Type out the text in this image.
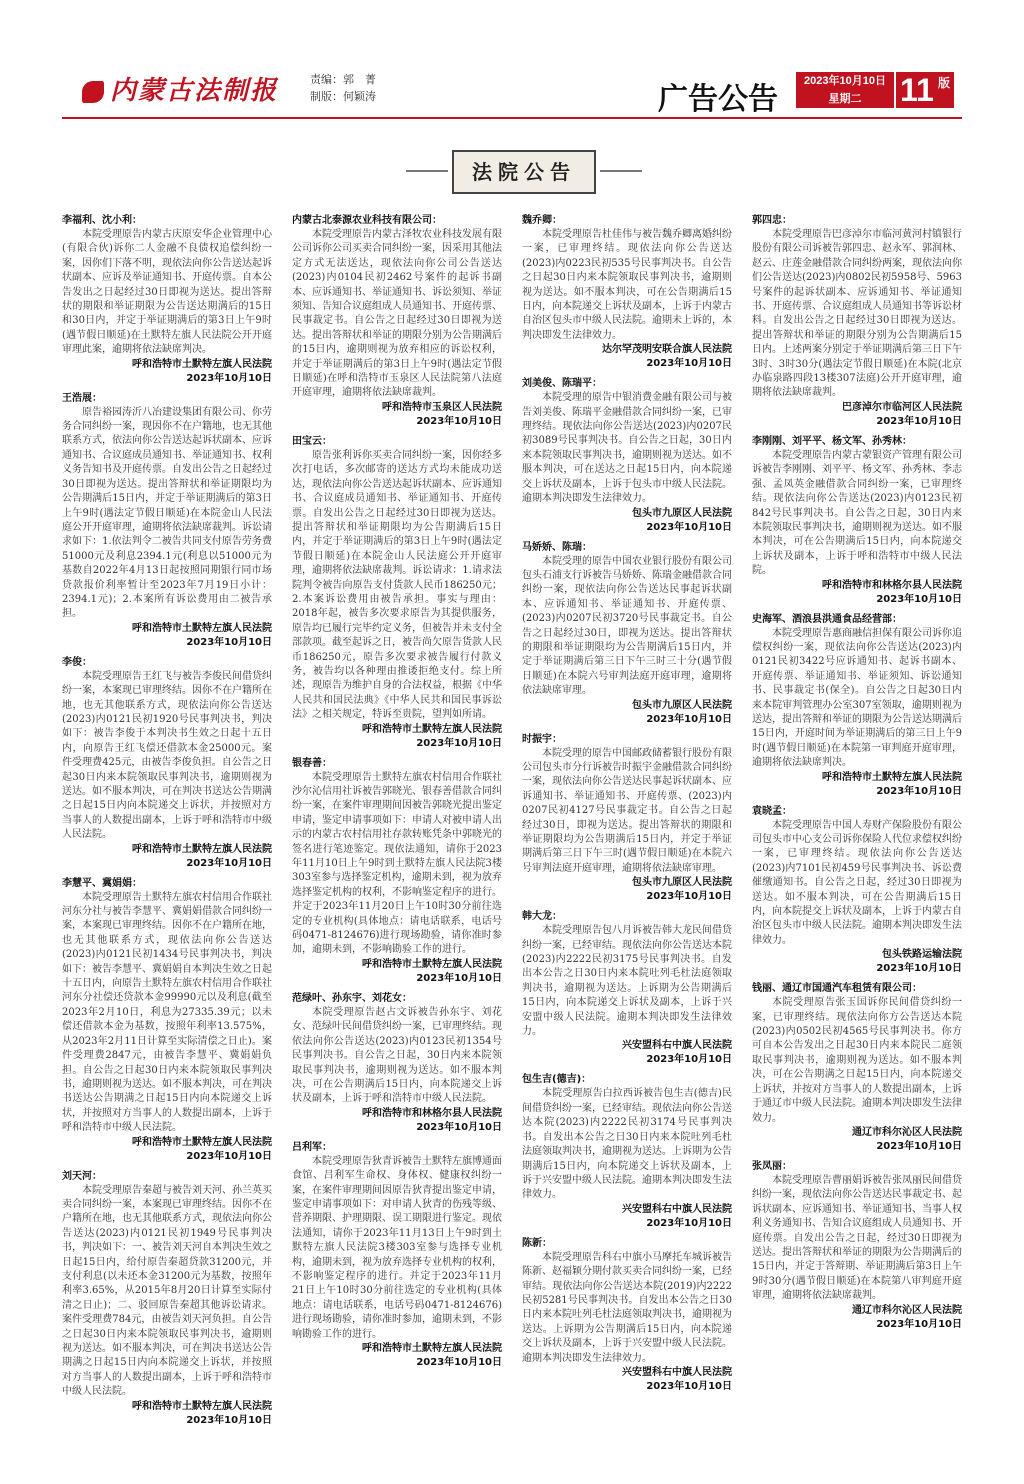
内蒙古法制报	责编：郭　菁
制版：何颖涛	广告公告
2023年10月10日
星期二	11 版
法院公告

李福利、沈小利：

本院受理原告内蒙古庆原安华企业管理中心(有限合伙)诉你二人金融不良债权追偿纠纷一案，因你们下落不明，现依法向你公告送达起诉状副本、应诉及举证通知书、开庭传票。自本公告发出之日起经过30日即视为送达。提出答辩状的期限和举证期限为公告送达期满后的15日和30日内，并定于举证期满后的第3日上午9时(遇节假日顺延)在土默特左旗人民法院公开开庭审理此案，逾期将依法缺席判决。

呼和浩特市土默特左旗人民法院

2023年10月10日

王浩展：

原告裕园涛沂八冶建设集团有限公司、你劳务合同纠纷一案，现因你不在户籍地，也无其他联系方式，依法向你公告送达起诉状副本、应诉通知书、合议庭成员通知书、举证通知书、权利义务告知书及开庭传票。自发出公告之日起经过30日即视为送达。提出答辩状和举证期限均为公告期满后15日内，并定于举证期满后的第3日上午9时(遇法定节假日顺延)在本院金山人民法庭公开开庭审理，逾期将依法缺席裁判。诉讼请求如下：1.依法判令二被告共同支付原告劳务费51000元及利息2394.1元(利息以51000元为基数自2022年4月13日起按照同期银行同市场贷款报价利率暂计至2023年7月19日小计：2394.1元)；2.本案所有诉讼费用由二被告承担。

呼和浩特市土默特左旗人民法院

2023年10月10日

李俊：

本院受理原告王红飞与被告李俊民间借贷纠纷一案，本案现已审理终结。因你不在户籍所在地，也无其他联系方式，现依法向你公告送达(2023)内0121民初1920号民事判决书，判决如下：被告李俊于本判决书生效之日起十五日内，向原告王红飞偿还借款本金25000元。案件受理费425元，由被告李俊负担。自公告之日起30日内来本院领取民事判决书，逾期则视为送达。如不服本判决，可在判决书送达公告期满之日起15日内向本院递交上诉状，并按照对方当事人的人数提出副本，上诉于呼和浩特市中级人民法院。

呼和浩特市土默特左旗人民法院

2023年10月10日

李慧平、冀娟娟：

本院受理原告土默特左旗农村信用合作联社河东分社与被告李慧平、冀娟娟借款合同纠纷一案，本案现已审理终结。因你不在户籍所在地，也无其他联系方式，现依法向你公告送达(2023)内0121民初1434号民事判决书，判决如下：被告李慧平、冀娟娟自本判决生效之日起十五日内，向原告土默特左旗农村信用合作联社河东分社偿还贷款本金99990元以及利息(截至2023年2月10日，利息为27335.39元；以未偿还借款本金为基数，按照年利率13.575%，从2023年2月11日计算至实际清偿之日止)。案件受理费2847元，由被告李慧平、冀娟娟负担。自公告之日起30日内来本院领取民事判决书，逾期则视为送达。如不服本判决，可在判决书送达公告期满之日起15日内向本院递交上诉状，并按照对方当事人的人数提出副本，上诉于呼和浩特市中级人民法院。

呼和浩特市土默特左旗人民法院

2023年10月10日

刘天河：

本院受理原告秦超与被告刘天河、孙兰英买卖合同纠纷一案，本案现已审理终结。因你不在户籍所在地，也无其他联系方式，现依法向你公告送达(2023)内0121民初1949号民事判决书，判决如下：一、被告刘天河自本判决生效之日起15日内，给付原告秦超贷款31200元，并支付利息(以未还本金31200元为基数，按照年利率3.65%，从2015年8月20日计算至实际付清之日止)；二、驳回原告秦超其他诉讼请求。案件受理费784元，由被告刘天河负担。自公告之日起30日内来本院领取民事判决书，逾期则视为送达。如不服本判决，可在判决书送达公告期满之日起15日内向本院递交上诉状，并按照对方当事人的人数提出副本，上诉于呼和浩特市中级人民法院。

呼和浩特市土默特左旗人民法院

2023年10月10日

内蒙古北泰源农业科技有限公司：

本院受理原告内蒙古泽牧农业科技发展有限公司诉你公司买卖合同纠纷一案，因采用其他法定方式无法送达，现依法向你公司公告送达(2023)内0104民初2462号案件的起诉书副本、应诉通知书、举证通知书、诉讼须知、举证须知、告知合议庭组成人员通知书、开庭传票、民事裁定书。自公告之日起经过30日即视为送达。提出答辩状和举证的期限分别为公告期满后的15日内，逾期则视为放弃相应的诉讼权利，并定于举证期满后的第3日上午9时(遇法定节假日顺延)在呼和浩特市玉泉区人民法院第八法庭开庭审理，逾期将依法缺席裁判。

呼和浩特市玉泉区人民法院

2023年10月10日

田宝云：

原告张利诉你买卖合同纠纷一案，因你经多次打电话，多次邮寄的送达方式均未能成功送达，现依法向你公告送达起诉状副本、应诉通知书、合议庭成员通知书、举证通知书、开庭传票。自发出公告之日起经过30日即视为送达。提出答辩状和举证期限均为公告期满后15日内，并定于举证期满后的第3日上午9时(遇法定节假日顺延)在本院金山人民法庭公开开庭审理，逾期将依法缺席裁判。诉讼请求：1.请求法院判令被告向原告支付货款人民币186250元；2.本案诉讼费用由被告承担。事实与理由：2018年起，被告多次要求原告为其提供服务，原告均已履行完毕约定义务，但被告并未支付全部款项。截至起诉之日，被告尚欠原告货款人民币186250元，原告多次要求被告履行付款义务，被告均以各种理由推诿拒绝支付。综上所述，现原告为维护自身的合法权益，根据《中华人民共和国民法典》《中华人民共和国民事诉讼法》之相关规定，特诉至贵院，望判如所请。

呼和浩特市土默特左旗人民法院

2023年10月10日

银春善：

本院受理原告土默特左旗农村信用合作联社沙尔沁信用社诉被告郭晓光、银春善借款合同纠纷一案，在案件审理期间因被告郭晓光提出鉴定申请，鉴定申请事项如下：申请人对被申请人出示的内蒙古农村信用社存款转账凭条中郭晓光的签名进行笔迹鉴定。现依法通知，请你于2023年11月10日上午9时到土默特左旗人民法院3楼303室参与选择鉴定机构，逾期未到，视为放弃选择鉴定机构的权利，不影响鉴定程序的进行。并定于2023年11月20日上午10时30分前往选定的专业机构(具体地点：请电话联系，电话号码0471-8124676)进行现场勘验，请你准时参加，逾期未到，不影响勘验工作的进行。

呼和浩特市土默特左旗人民法院

2023年10月10日

范绿叶、孙东宇、刘花女：

本院受理原告赵占文诉被告孙东宇、刘花女、范绿叶民间借贷纠纷一案，已审理终结。现依法向你公告送达(2023)内0123民初1354号民事判决书。自公告之日起，30日内来本院领取民事判决书，逾期则视为送达。如不服本判决，可在公告期满后15日内，向本院递交上诉状及副本，上诉于呼和浩特市中级人民法院。

呼和浩特市和林格尔县人民法院

2023年10月10日

吕利军：

本院受理原告狄青诉被告土默特左旗博通面食馆、吕利军生命权、身体权、健康权纠纷一案，在案件审理期间因原告狄青提出鉴定申请，鉴定申请事项如下：对申请人狄青的伤残等级、营养期限、护理期限、误工期限进行鉴定。现依法通知，请你于2023年11月13日上午9时到土默特左旗人民法院3楼303室参与选择专业机构，逾期未到，视为放弃选择专业机构的权利，不影响鉴定程序的进行。并定于2023年11月21日上午10时30分前往选定的专业机构(具体地点：请电话联系，电话号码0471-8124676)进行现场勘验，请你准时参加，逾期未到，不影响勘验工作的进行。

呼和浩特市土默特左旗人民法院

2023年10月10日

魏乔卿：

本院受理原告杜佳伟与被告魏乔卿离婚纠纷一案，已审理终结。现依法向你公告送达(2023)内0223民初535号民事判决书。自公告之日起30日内来本院领取民事判决书，逾期则视为送达。如不服本判决，可在公告期满后15日内，向本院递交上诉状及副本，上诉于内蒙古自治区包头市中级人民法院。逾期未上诉的，本判决即发生法律效力。

达尔罕茂明安联合旗人民法院

2023年10月10日

刘美俊、陈瑞平：

本院受理的原告中银消费金融有限公司与被告刘美俊、陈瑞平金融借款合同纠纷一案，已审理终结。现依法向你公告送达(2023)内0207民初3089号民事判决书。自公告之日起，30日内来本院领取民事判决书，逾期则视为送达。如不服本判决，可在送达之日起15日内，向本院递交上诉状及副本，上诉于包头市中级人民法院。逾期本判决即发生法律效力。

包头市九原区人民法院

2023年10月10日

马娇娇、陈瑞：

本院受理的原告中国农业银行股份有限公司包头石浦支行诉被告马娇娇、陈瑞金融借款合同纠纷一案，现依法向你公告送达民事起诉状副本、应诉通知书、举证通知书、开庭传票、(2023)内0207民初3720号民事裁定书。自公告之日起经过30日，即视为送达。提出答辩状的期限和举证期限均为公告期满后15日内，并定于举证期满后第三日下午三时三十分(遇节假日顺延)在本院六号审判法庭开庭审理，逾期将依法缺席审理。

包头市九原区人民法院

2023年10月10日

时振宇：

本院受理的原告中国邮政储蓄银行股份有限公司包头市分行诉被告时振宇金融借款合同纠纷一案，现依法向你公告送达民事起诉状副本、应诉通知书、举证通知书、开庭传票、(2023)内0207民初4127号民事裁定书。自公告之日起经过30日，即视为送达。提出答辩状的期限和举证期限均为公告期满后15日内，并定于举证期满后第三日下午三时(遇节假日顺延)在本院六号审判法庭开庭审理，逾期将依法缺席审理。

包头市九原区人民法院

2023年10月10日

韩大龙：

本院受理原告包八月诉被告韩大龙民间借贷纠纷一案，已经审结。现依法向你公告送达本院(2023)内2222民初3175号民事判决书。自发出本公告之日30日内来本院吐列毛杜法庭领取判决书，逾期视为送达。上诉期为公告期满后15日内，向本院递交上诉状及副本，上诉于兴安盟中级人民法院。逾期本判决即发生法律效力。

兴安盟科右中旗人民法院

2023年10月10日

包生吉(德吉)：

本院受理原告白拉西诉被告包生吉(德吉)民间借贷纠纷一案，已经审结。现依法向你公告送达本院(2023)内2222民初3174号民事判决书。自发出本公告之日30日内来本院吐列毛杜法庭领取判决书，逾期视为送达。上诉期为公告期满后15日内，向本院递交上诉状及副本，上诉于兴安盟中级人民法院。逾期本判决即发生法律效力。

兴安盟科右中旗人民法院

2023年10月10日

陈新：

本院受理原告科右中旗小马摩托车城诉被告陈新、赵福颖分期付款买卖合同纠纷一案，已经审结。现依法向你公告送达本院(2019)内2222民初5281号民事判决书。自发出本公告之日30日内来本院吐列毛杜法庭领取判决书，逾期视为送达。上诉期为公告期满后15日内，向本院递交上诉状及副本，上诉于兴安盟中级人民法院。逾期本判决即发生法律效力。

兴安盟科右中旗人民法院

2023年10月10日

郭四忠：

本院受理原告巴彦淖尔市临河黄河村镇银行股份有限公司诉被告郭四忠、赵永军、郭润林、赵云、庄莲金融借款合同纠纷两案，现依法向你们公告送达(2023)内0802民初5958号、5963号案件的起诉状副本、应诉通知书、举证通知书、开庭传票、合议庭组成人员通知书等诉讼材料。自发出公告之日起经过30日即视为送达。提出答辩状和举证的期限分别为公告期满后15日内。上述两案分别定于举证期满后第三日下午3时、3时30分(遇法定节假日顺延)在本院(北京办临泉路四段13楼307法庭)公开开庭审理，逾期将依法缺席裁判。

巴彦淖尔市临河区人民法院

2023年10月10日

李刚刚、刘平平、杨文军、孙秀林：

本院受理原告内蒙古蒙银资产管理有限公司诉被告李刚刚、刘平平、杨文军、孙秀林、李志强、孟凤英金融借款合同纠纷一案，已审理终结。现依法向你公告送达(2023)内0123民初842号民事判决书。自公告之日起，30日内来本院领取民事判决书，逾期则视为送达。如不服本判决，可在公告期满后15日内，向本院递交上诉状及副本，上诉于呼和浩特市中级人民法院。

呼和浩特市和林格尔县人民法院

2023年10月10日

史海军、酒浪县洪通食品经营部：

本院受理原告惠商融信担保有限公司诉你追偿权纠纷一案，现依法向你公告送达(2023)内0121民初3422号应诉通知书、起诉书副本、开庭传票、举证通知书、举证须知、诉讼通知书、民事裁定书(保全)。自公告之日起30日内来本院审判管理办公室307室领取，逾期则视为送达，提出答辩和举证的期限为公告送达期满后15日内，开庭时间为举证期满后的第三日上午9时(遇节假日顺延)在本院第一审判庭开庭审理，逾期将依法缺席判决。

呼和浩特市土默特左旗人民法院

2023年10月10日

袁晓孟：

本院受理原告中国人寿财产保险股份有限公司包头市中心支公司诉你保险人代位求偿权纠纷一案，已审理终结。现依法向你公告送达(2023)内7101民初459号民事判决书、诉讼费催缴通知书。自公告之日起，经过30日即视为送达。如不服本判决，可在公告期满后15日内，向本院提交上诉状及副本，上诉于内蒙古自治区包头市中级人民法院。逾期本判决即发生法律效力。

包头铁路运输法院

2023年10月10日

钱丽、通辽市国通汽车租赁有限公司：

本院受理原告张玉国诉你民间借贷纠纷一案，已审理终结。现依法向你方公告送达本院(2023)内0502民初4565号民事判决书。你方可自本公告发出之日起30日内来本院民二庭领取民事判决书，逾期则视为送达。如不服本判决，可在公告期满之日起15日内，向本院递交上诉状，并按对方当事人的人数提出副本，上诉于通辽市中级人民法院。逾期本判决即发生法律效力。

通辽市科尔沁区人民法院

2023年10月10日

张凤丽：

本院受理原告曹丽娟诉被告张凤丽民间借贷纠纷一案，现依法向你公告送达民事裁定书、起诉状副本、应诉通知书、举证通知书、当事人权利义务通知书、告知合议庭组成人员通知书、开庭传票。自发出公告之日起，经过30日即视为送达。提出答辩状和举证的期限为公告期满后的15日内，并定于答辩期、举证期满后第3日上午9时30分(遇节假日顺延)在本院第八审判庭开庭审理，逾期将依法缺席裁判。

通辽市科尔沁区人民法院

2023年10月10日
